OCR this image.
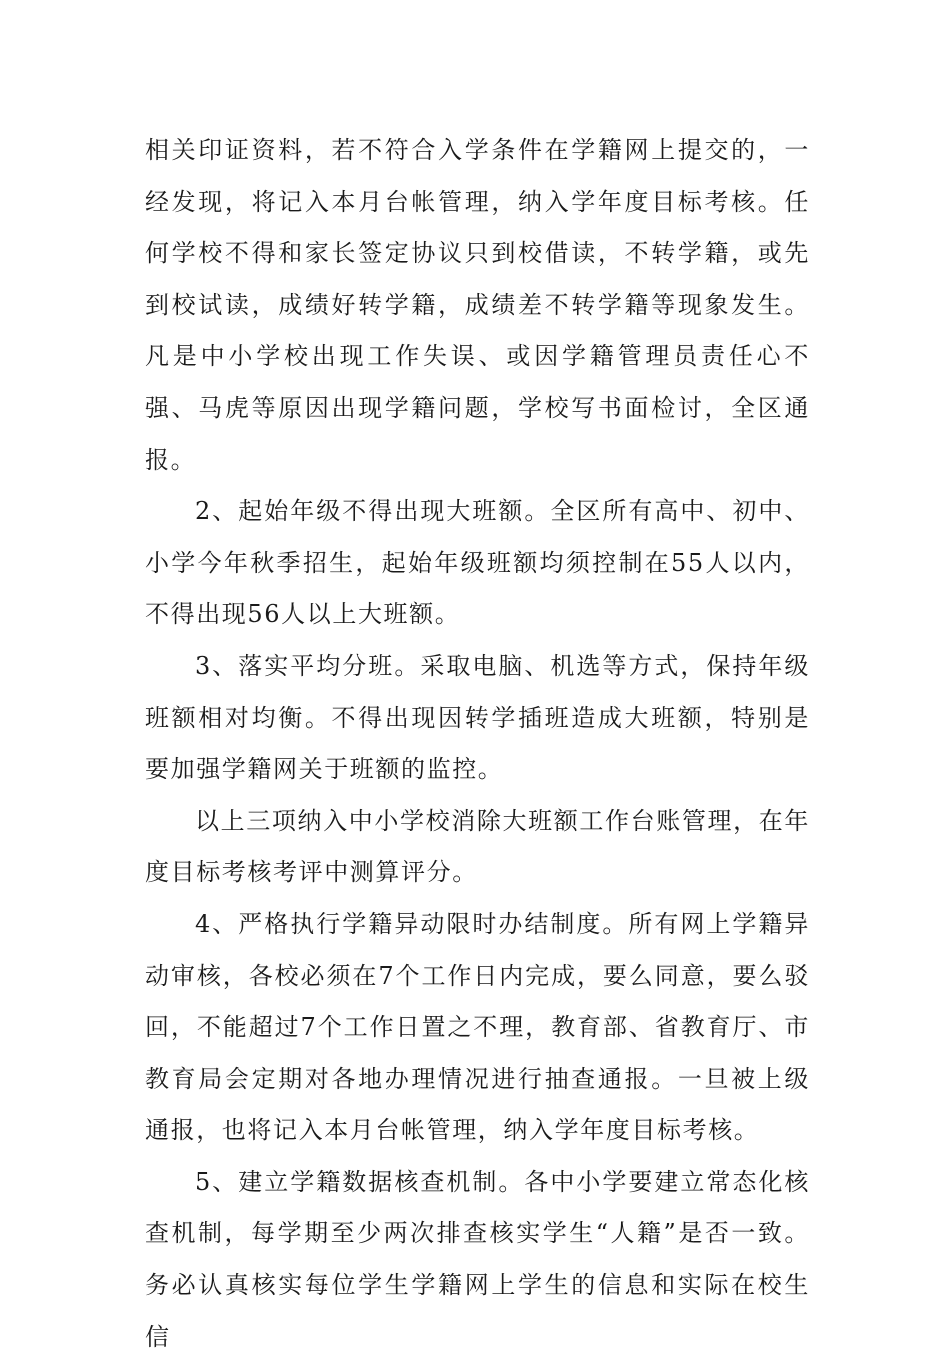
相关印证资料，若不符合入学条件在学籍网上提交的，一经发现，将记入本月台帐管理，纳入学年度目标考核。任何学校不得和家长签定协议只到校借读，不转学籍，或先到校试读，成绩好转学籍，成绩差不转学籍等现象发生。凡是中小学校出现工作失误、或因学籍管理员责任心不强、马虎等原因出现学籍问题，学校写书面检讨，全区通报。

2、起始年级不得出现大班额。全区所有高中、初中、小学今年秋季招生，起始年级班额均须控制在55人以内，不得出现56人以上大班额。

3、落实平均分班。采取电脑、机选等方式，保持年级班额相对均衡。不得出现因转学插班造成大班额，特别是要加强学籍网关于班额的监控。

以上三项纳入中小学校消除大班额工作台账管理，在年度目标考核考评中测算评分。

4、严格执行学籍异动限时办结制度。所有网上学籍异动审核，各校必须在7个工作日内完成，要么同意，要么驳回，不能超过7个工作日置之不理，教育部、省教育厅、市教育局会定期对各地办理情况进行抽查通报。一旦被上级通报，也将记入本月台帐管理，纳入学年度目标考核。

5、建立学籍数据核查机制。各中小学要建立常态化核查机制，每学期至少两次排查核实学生“人籍”是否一致。务必认真核实每位学生学籍网上学生的信息和实际在校生信
